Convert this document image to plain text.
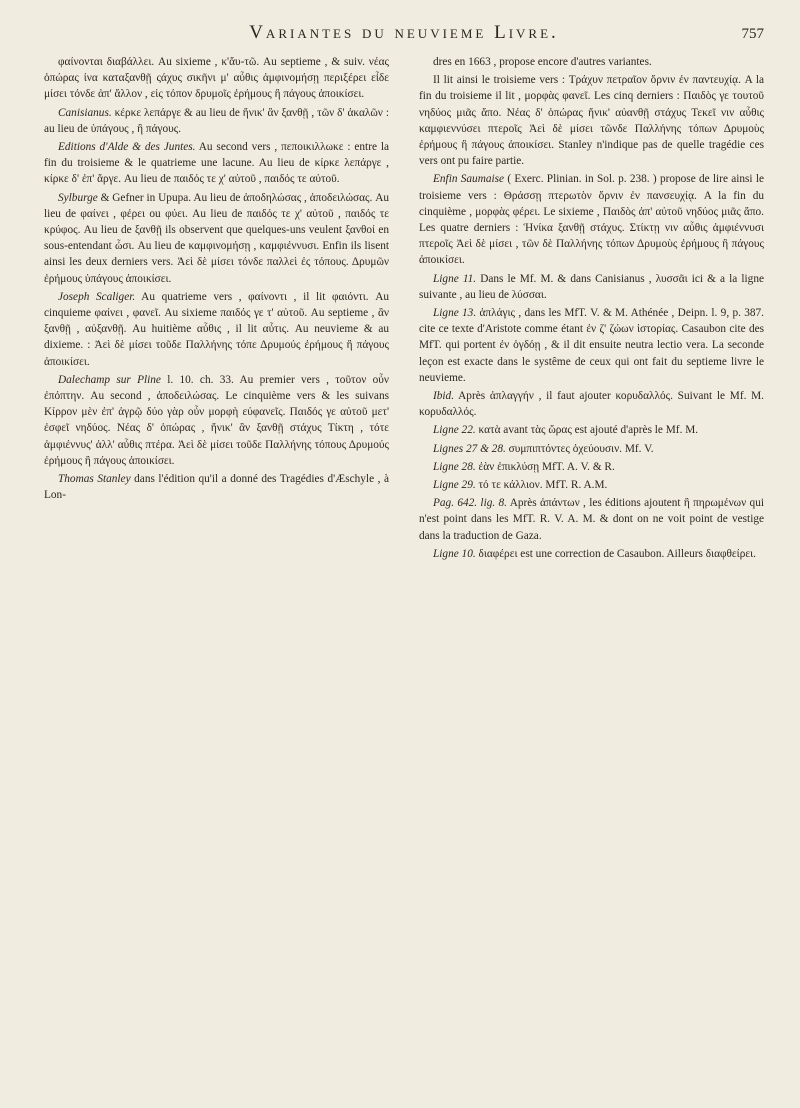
Variantes du neuvieme Livre.	757

φαίνονται διαβάλλει. Au sixieme , κ'ἄυ-τῶ. Au septieme , & suiv. νέας ὀπώρας ἰνα καταξανθῇ ςάχυς σικῆνι μ' αὖθις ἀμφινομήσῃ περιξέρει εἶδε μίσει τόνδε ἀπ' ἄλλον , εἰς τόπον δρυμοῖς ἐρήμους ἢ πάγους ἀποικίσει.

Canisianus. κέρκε λεπάργε & au lieu de ἤνικ' ἂν ξανθῇ , τῶν δ' ἀκαλῶν : au lieu de ὑπάγους , ἢ πάγους.

Editions d'Alde & des Juntes. Au second vers , πεποικιλλωκε : entre la fin du troisieme & le quatrieme une lacune. Au lieu de κίρκε λεπάργε , κίρκε δ' ἐπ' ἄργε. Au lieu de παιδός τε χ' αὐτοῦ , παιδός τε αὐτοῦ.

Sylburge & Gefner in Upupa. Au lieu de ἀποδηλώσας , ἀποδειλώσας. Au lieu de φαίνει , φέρει ou φύει. Au lieu de παιδός τε χ' αὐτοῦ , παιδός τε κρύφος. Au lieu de ξανθῇ ils observent que quelques-uns veulent ξανθοί en sous-entendant ὦσι. Au lieu de καμφινομήσῃ , καμφιέννυσι. Enfin ils lisent ainsi les deux derniers vers. Ἀεὶ δὲ μίσει τόνδε παλλεὶ ἐς τόπους. Δρυμῶν ἐρήμους ὑπάγους ἀποικίσει.

Joseph Scaliger. Au quatrieme vers , φαίνοντι , il lit φαιόντι. Au cinquieme φαίνει , φανεῖ. Au sixieme παιδός γε τ' αὐτοῦ. Au septieme , ἂν ξανθῇ , αὐξανθῇ. Au huitième αὖθις , il lit αὖτις. Au neuvieme & au dixieme. : Ἀεὶ δὲ μίσει τοῦδε Παλλήνης τόπε Δρυμούς ἐρήμους ἢ πάγους ἀποικίσει.

Dalechamp sur Pline l. 10. ch. 33. Au premier vers , τοῦτον οὖν ἐπόπτην. Au second , ἀποδειλώσας. Le cinquième vers & les suivans Κίρρον μὲν ἐπ' ἀγρῷ δύο γὰρ οὖν μορφὴ εὐφανεῖς. Παιδός γε αὐτοῦ μετ' ἐσφεῖ νηδύος. Νέας δ' ὀπώρας , ἤνικ' ἂν ξανθῇ στάχυς Τίκτη , τότε ἀμφιέννυς' ἀλλ' αὖθις πτέρα. Ἀεὶ δὲ μίσει τοῦδε Παλλήνης τόπους Δρυμούς ἐρήμους ἢ πάγους ἀποικίσει.

Thomas Stanley dans l'édition qu'il a donné des Tragédies d'Æschyle , à Lon-

dres en 1663 , propose encore d'autres variantes.

Il lit ainsi le troisieme vers : Τράχυν πετραῖον ὄρνιν ἐν παντευχίᾳ. A la fin du troisieme il lit , μορφὰς φανεῖ. Les cinq derniers : Παιδὸς γε τουτοῦ νηδύος μιᾶς ἄπο. Νέας δ' ὀπώρας ἤνικ' αὐανθῇ στάχυς Τεκεῖ νιν αὖθις καμφιεννύσει πτεροῖς Ἀεὶ δὲ μίσει τῶνδε Παλλήνης τόπων Δρυμοὺς ἐρήμους ἢ πάγους ἀποικίσει. Stanley n'indique pas de quelle tragédie ces vers ont pu faire partie.

Enfin Saumaise ( Exerc. Plinian. in Sol. p. 238. ) propose de lire ainsi le troisieme vers : Θράσσῃ πτερωτὸν ὄρνιν ἐν πανσευχίᾳ. A la fin du cinquième , μορφὰς φέρει. Le sixieme , Παιδὸς ἀπ' αὐτοῦ νηδύος μιᾶς ἄπο. Les quatre derniers : Ἡνίκα ξανθῇ στάχυς. Στίκτῃ νιν αὖθις ἀμφιέννυσι πτεροῖς Ἀεὶ δὲ μίσει , τῶν δὲ Παλλήνης τόπων Δρυμοὺς ἐρήμους ἢ πάγους ἀποικίσει.

Ligne 11. Dans le Mf. M. & dans Canisianus , λυσσᾶι ici & a la ligne suivante , au lieu de λύσσαι.

Ligne 13. ἀπλάγις , dans les MfT. V. & M. Athénée , Deipn. l. 9, p. 387. cite ce texte d'Aristote comme étant ἐν ζ' ζώων ἱστορίας. Casaubon cite des MfT. qui portent ἐν ὀγδόῃ , & il dit ensuite neutra lectio vera. La seconde leçon est exacte dans le systême de ceux qui ont fait du septieme livre le neuvieme.

Ibid. Après ἀπλαγγήν , il faut ajouter κορυδαλλός. Suivant le Mf. M. κορυδαλλός.

Ligne 22. κατὰ avant τὰς ὥρας est ajouté d'après le Mf. M.

Lignes 27 & 28. συμπιπτόντες ὀχεύουσιν. Mf. V.

Ligne 28. ἐὰν ἐπικλύσῃ MfT. A. V. & R.

Ligne 29. τό τε κάλλιον. MfT. R. A.M.

Pag. 642. lig. 8. Après ἀπάντων , les éditions ajoutent ἢ πηρωμένων qui n'est point dans les MfT. R. V. A. M. & dont on ne voit point de vestige dans la traduction de Gaza.

Ligne 10. διαφέρει est une correction de Casaubon. Ailleurs διαφθείρει.
